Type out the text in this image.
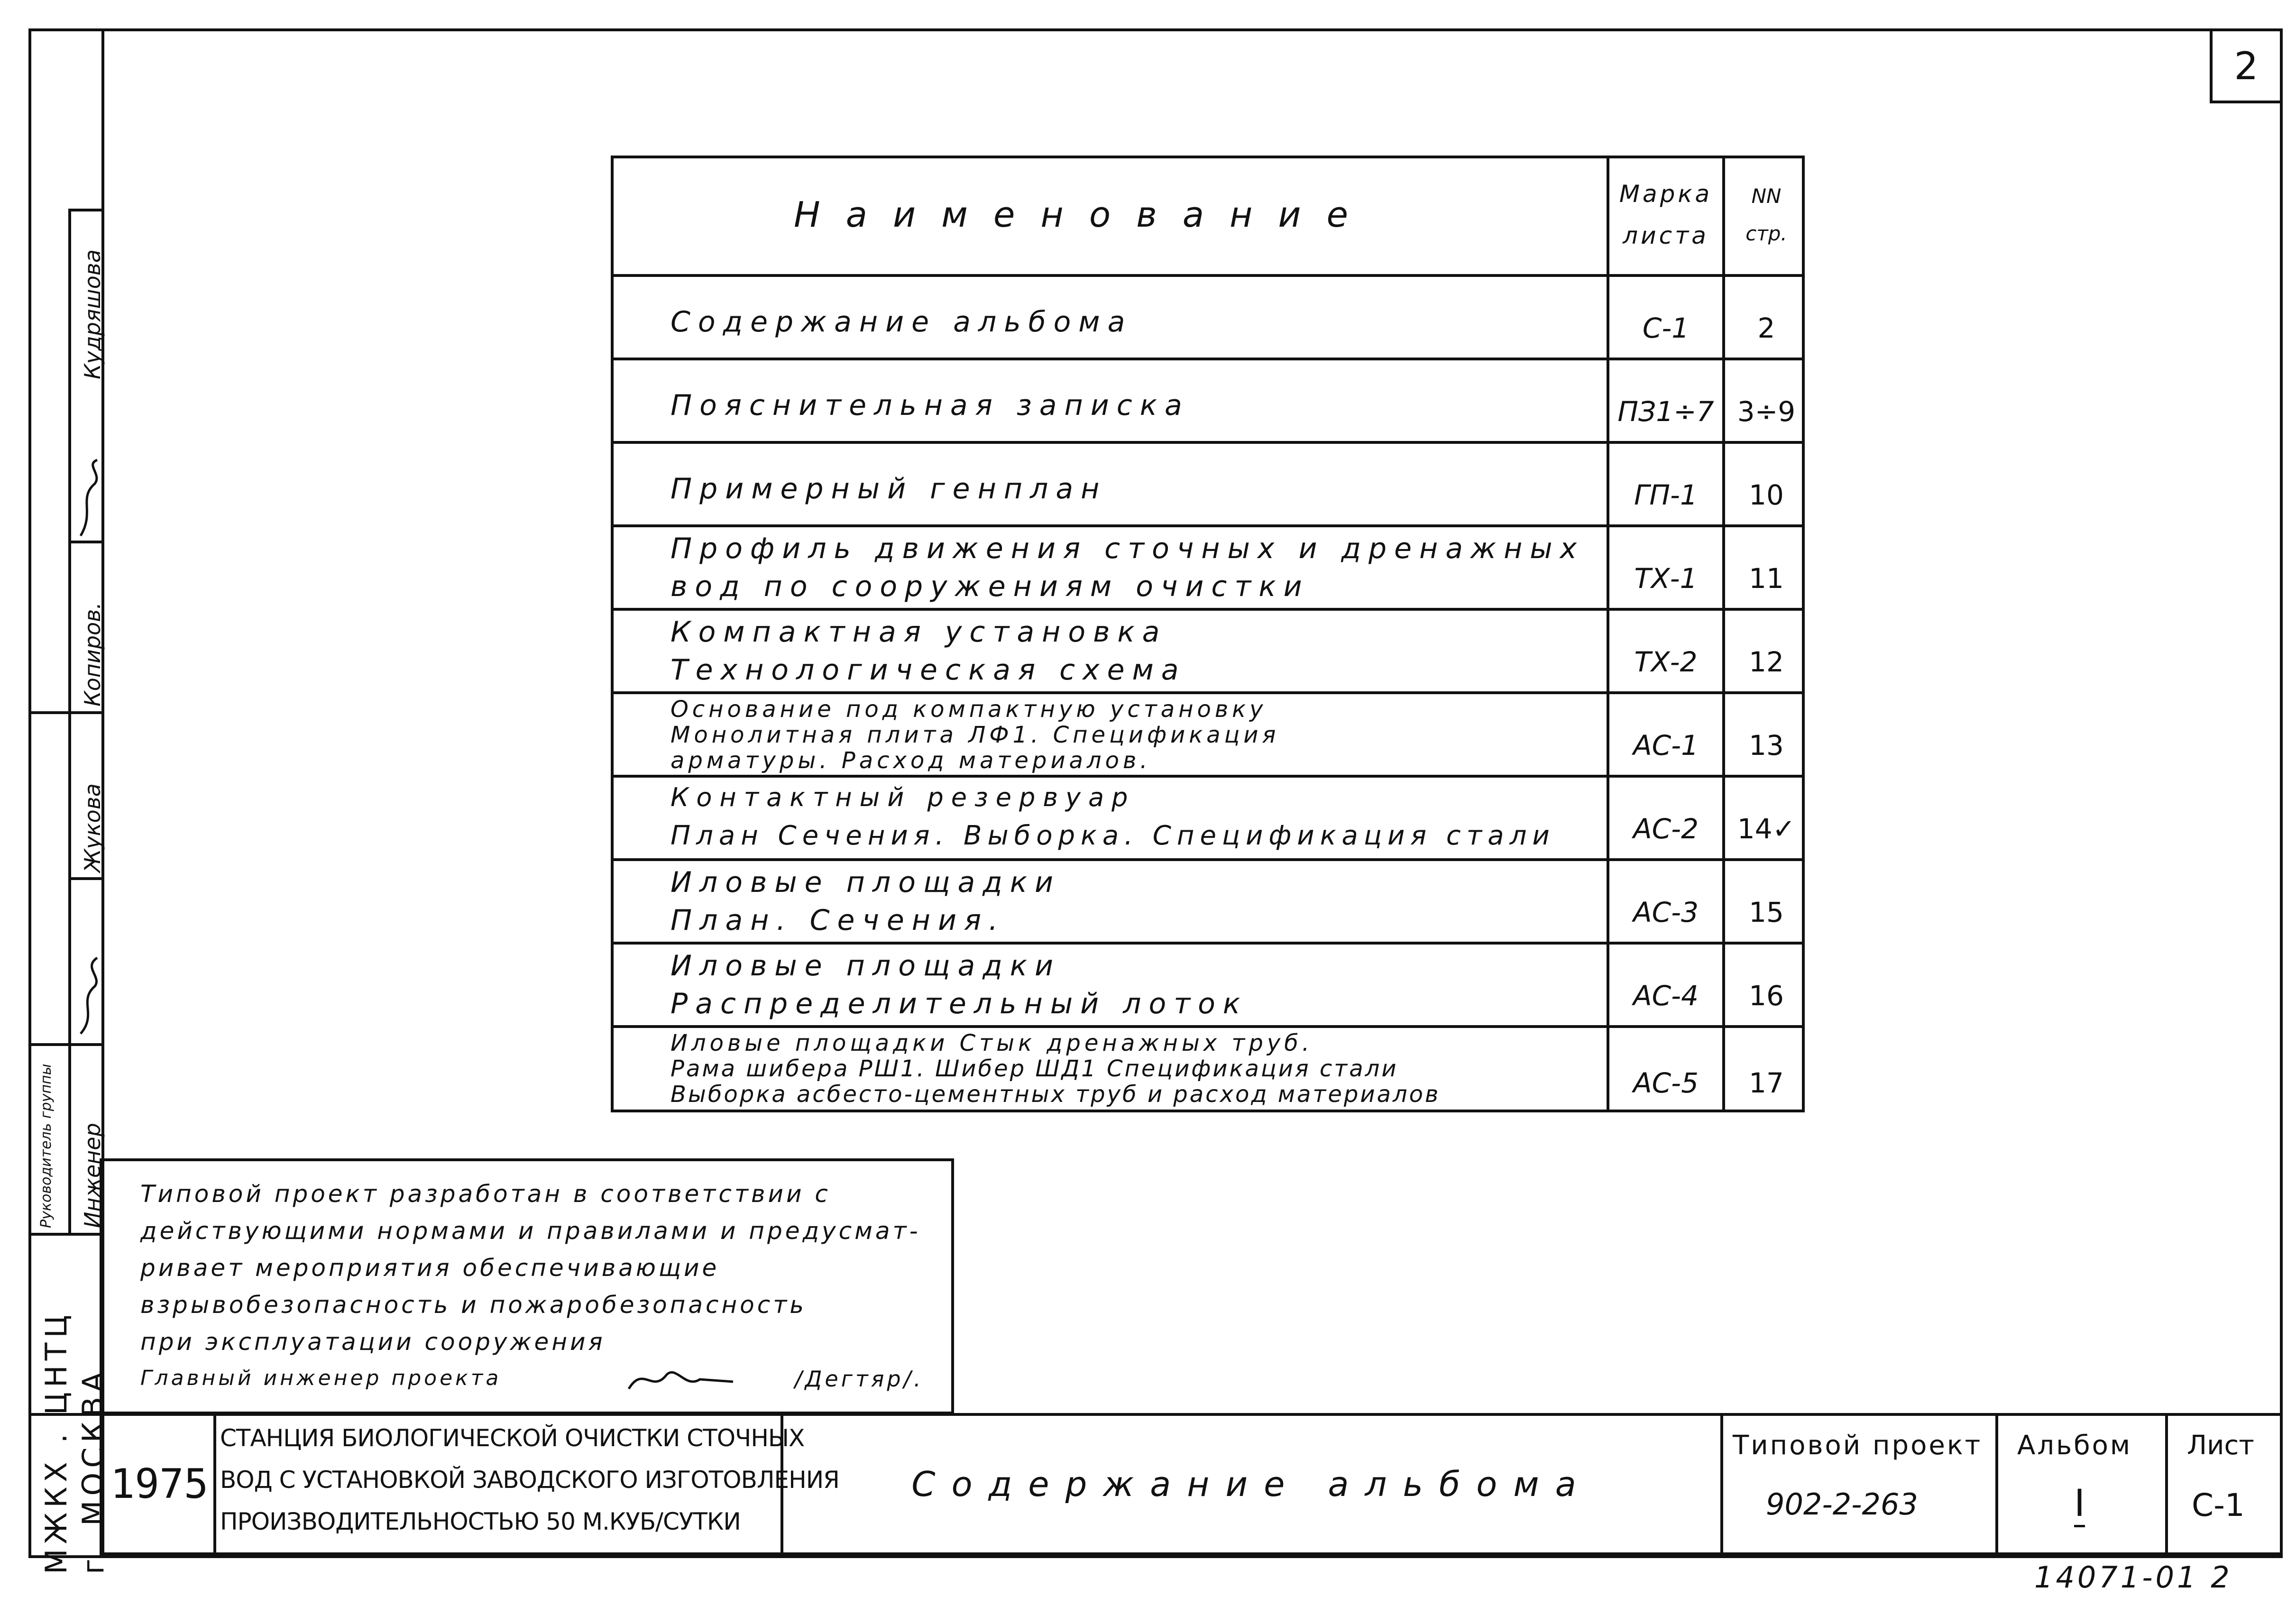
2
Кудряшова
Копиров.
Жукова
Инженер
Руководитель группы
МЖКХ . ЦНТЦ г. МОСКВА
Наименование
Марка
листа
NN
стр.
Содержание альбома	С-1 2
Пояснительная записка	ПЗ1÷7 3÷9
Примерный генплан	ГП-1 10
Профиль движения сточных и дренажных
вод по сооружениям очистки	ТХ-1 11
Компактная установка
Технологическая схема	ТХ-2 12
Основание под компактную установку
Монолитная плита ЛФ1. Спецификация
арматуры. Расход материалов.	АС-1 13
Контактный резервуар
План Сечения. Выборка. Спецификация стали	АС-2 14✓
Иловые площадки
План. Сечения.	АС-3 15
Иловые площадки
Распределительный лоток	АС-4 16
Иловые площадки Стык дренажных труб.
Рама шибера РШ1. Шибер ШД1 Спецификация стали
Выборка асбесто-цементных труб и расход материалов	АС-5 17
Типовой проект разработан в соответствии с
действующими нормами и правилами и предусмат-
ривает мероприятия обеспечивающие
взрывобезопасность и пожаробезопасность
при эксплуатации сооружения
Главный инженер проекта	/Дегтяр/.
1975
СТАНЦИЯ БИОЛОГИЧЕСКОЙ ОЧИСТКИ СТОЧНЫХ
ВОД С УСТАНОВКОЙ ЗАВОДСКОГО ИЗГОТОВЛЕНИЯ
ПРОИЗВОДИТЕЛЬНОСТЬЮ 50 М.КУБ/СУТКИ
Содержание альбома
Типовой проект
902-2-263
Альбом
I
Лист
С-1
14071-01 2
